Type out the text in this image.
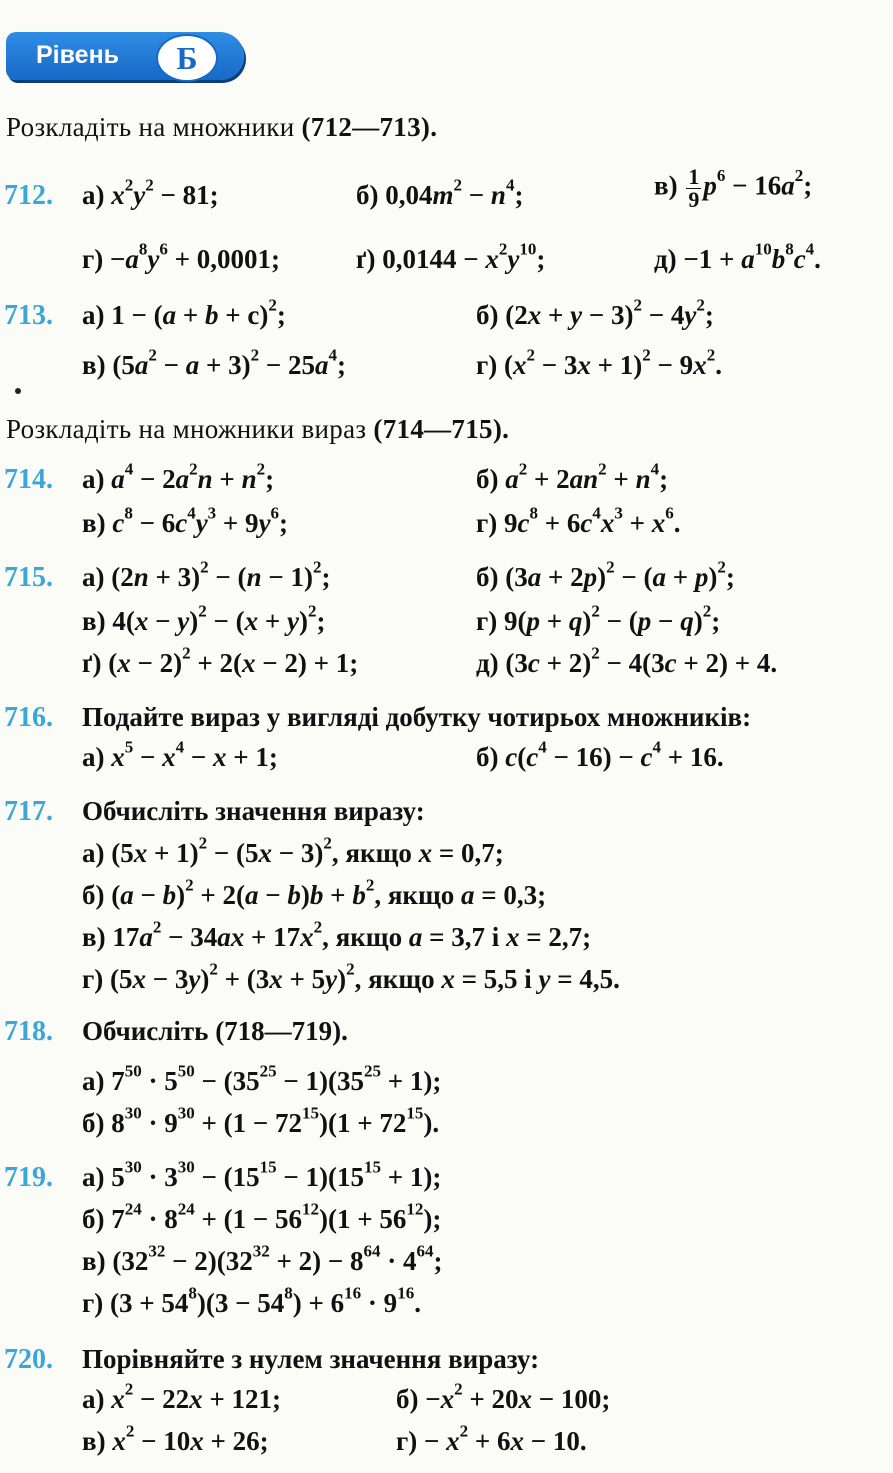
Рівень	Б
Розкладіть на множники (712—713).
712. а) $x^2y^2 - 81$;	б) $0,04m^2 - n^4$;	$в) \frac{1}{9} p^6 - 16a^2$;
$г) -a^8y^6 + 0,0001$;	ґ) $0,0144 - x^2y^{10}$;	$д) -1 + a^{10}b^8c^4$.
713. а) $1 - (a + b + c)^2$;	б) $(2x + y - 3)^2 - 4y^2$;
в) $(5a^2 - a + 3)^2 - 25a^4$;	г) $(x^2 - 3x + 1)^2 - 9x^2$.
Розкладіть на множники вираз (714—715).
714. а) $a^4 - 2a^2n + n^2$;	б) $a^2 + 2an^2 + n^4$;
в) $c^8 - 6c^4y^3 + 9y^6$;	г) $9c^8 + 6c^4x^3 + x^6$.
715. а) $(2n + 3)^2 - (n - 1)^2$;	б) $(3a + 2p)^2 - (a + p)^2$;
в) $4(x - y)^2 - (x + y)^2$;	г) $9(p + q)^2 - (p - q)^2$;
ґ) $(x - 2)^2 + 2(x - 2) + 1$;	д) $(3c + 2)^2 - 4(3c + 2) + 4$.
716. Подайте вираз у вигляді добутку чотирьох множників:
а) $x^5 - x^4 - x + 1$;	б) $c(c^4 - 16) - c^4 + 16$.
717. Обчисліть значення виразу:
а) $(5x + 1)^2 - (5x - 3)^2$, якщо x = 0,7;
б) $(a - b)^2 + 2(a - b)b + b^2$, якщо a = 0,3;
в) $17a^2 - 34ax + 17x^2$, якщо a = 3,7 і x = 2,7;
г) $(5x - 3y)^2 + (3x + 5y)^2$, якщо x = 5,5 і y = 4,5.
718. Обчисліть (718—719).
а) $7^{50} \cdot 5^{50} - (35^{25} - 1)(35^{25} + 1)$;
б) $8^{30} \cdot 9^{30} + (1 - 72^{15})(1 + 72^{15})$.
719. а) $5^{30} \cdot 3^{30} - (15^{15} - 1)(15^{15} + 1)$;
б) $7^{24} \cdot 8^{24} + (1 - 56^{12})(1 + 56^{12})$;
в) $(32^{32} - 2)(32^{32} + 2) - 8^{64} \cdot 4^{64}$;
г) $(3 + 54^8)(3 - 54^8) + 6^{16} \cdot 9^{16}$.
720. Порівняйте з нулем значення виразу:
а) $x^2 - 22x + 121$;	$б) -x^2 + 20x - 100$;
в) $x^2 - 10x + 26$;	$г) - x^2 + 6x - 10$.
